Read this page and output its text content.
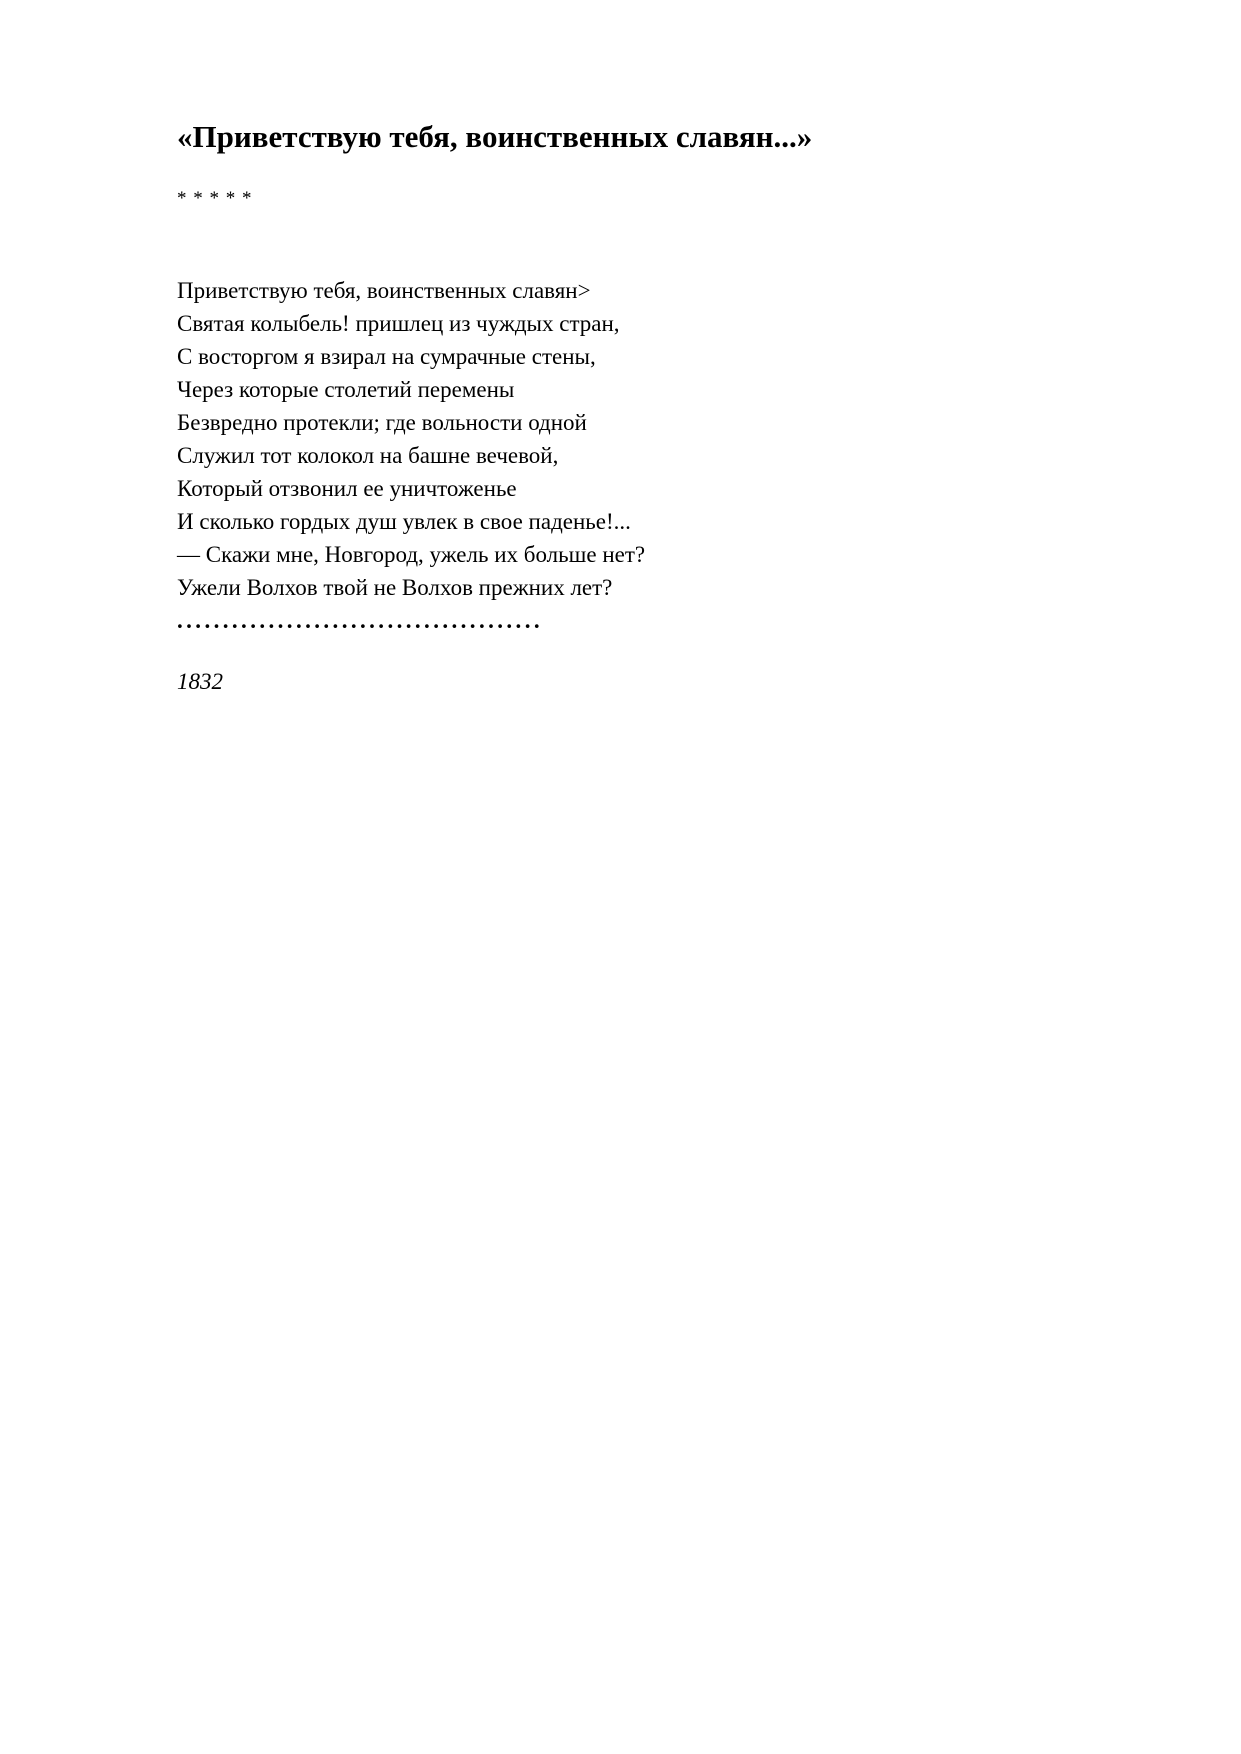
«Приветствую тебя, воинственных славян...»
* * * * *
Приветствую тебя, воинственных славян>
Святая колыбель! пришлец из чуждых стран,
С восторгом я взирал на сумрачные стены,
Через которые столетий перемены
Безвредно протекли; где вольности одной
Служил тот колокол на башне вечевой,
Который отзвонил ее уничтоженье
И сколько гордых душ увлек в свое паденье!...
— Скажи мне, Новгород, ужель их больше нет?
Ужели Волхов твой не Волхов прежних лет?
........................................
1832
